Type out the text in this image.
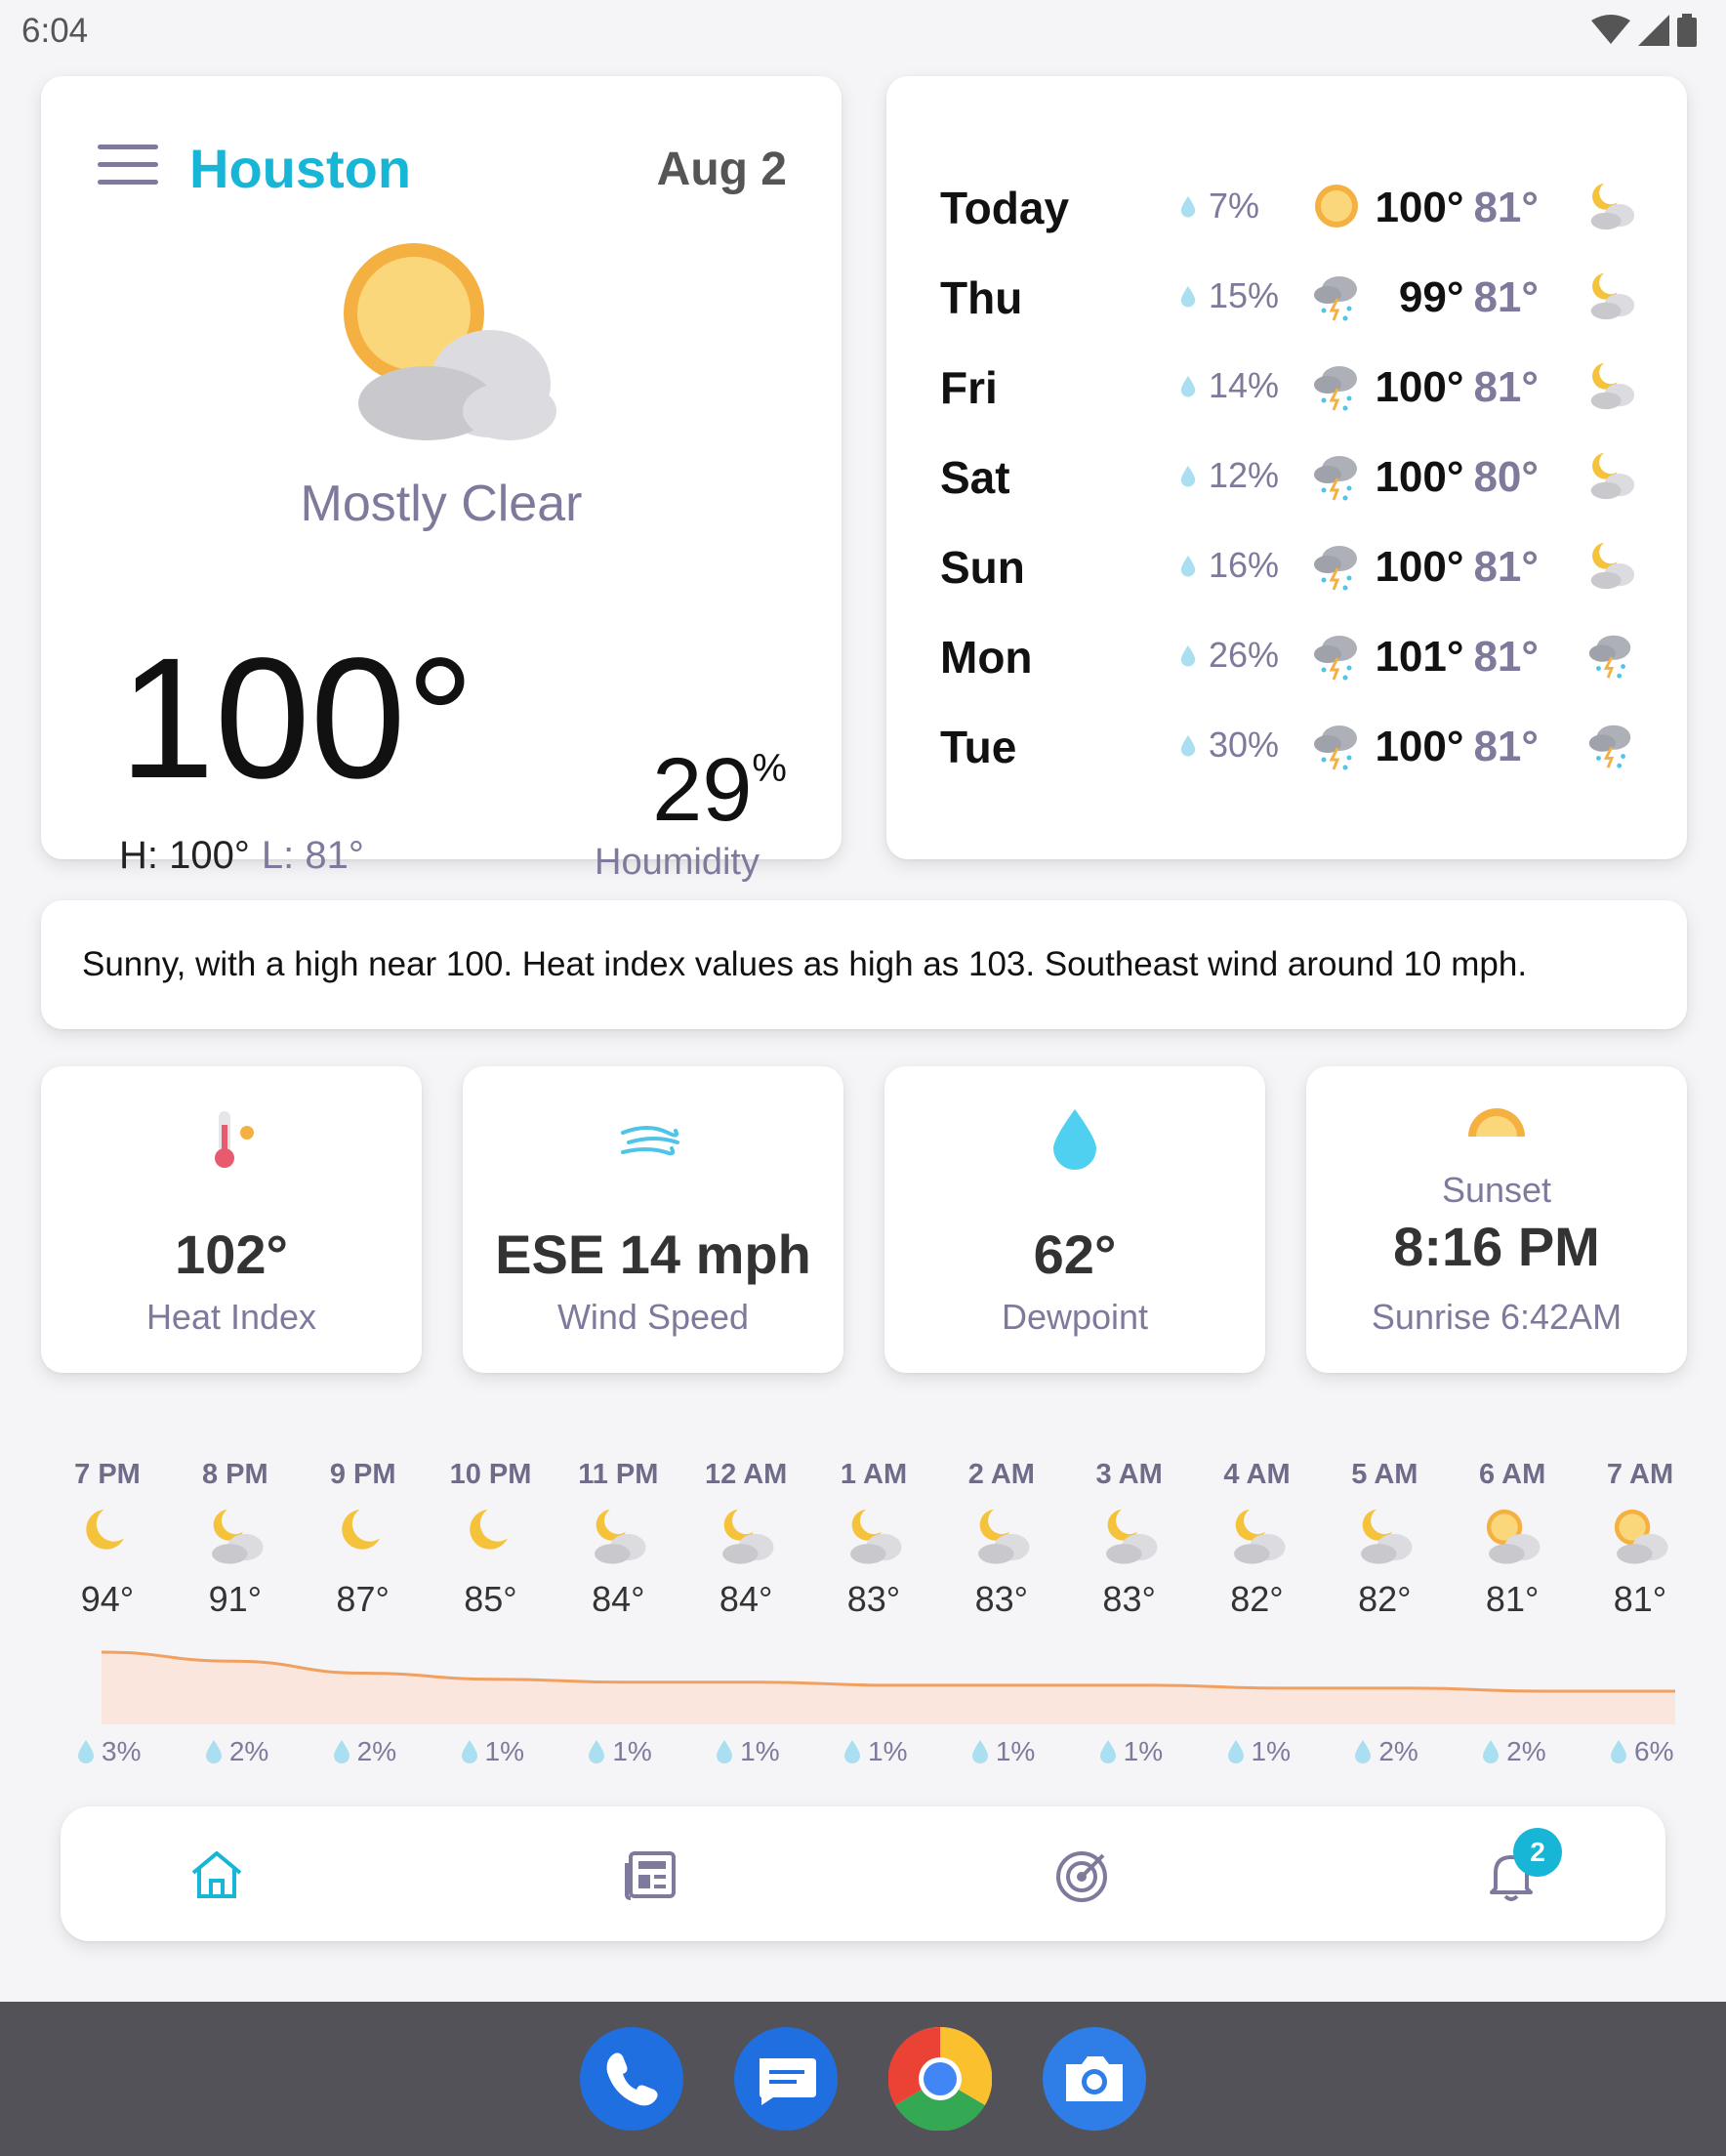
6:04
Houston	Aug 2
Mostly Clear
100°
H: 100° L: 81°
29%
Houmidity
Today	7%	100° 81°
Thu	15%	99° 81°
Fri	14% 100° 81°
Sat	12% 100° 80°
Sun	16% 100° 81°
Mon	26% 101° 81°
Tue	30% 100° 81°
Sunny, with a high near 100. Heat index values as high as 103. Southeast wind around 10 mph.
102°
Heat Index
ESE 14 mph
Wind Speed
62°
Dewpoint
Sunset
8:16 PM
Sunrise 6:42AM
7 PM
94°
3%
8 PM
91°
2%
9 PM
87°
2%
10 PM
85°
1%
11 PM
84°
1%
12 AM
84°
1%
1 AM
83°
1%
2 AM
83°
1%
3 AM
83°
1%
4 AM
82°
1%
5 AM
82°
2%
6 AM
81°
2%
7 AM
81°
6%
2
